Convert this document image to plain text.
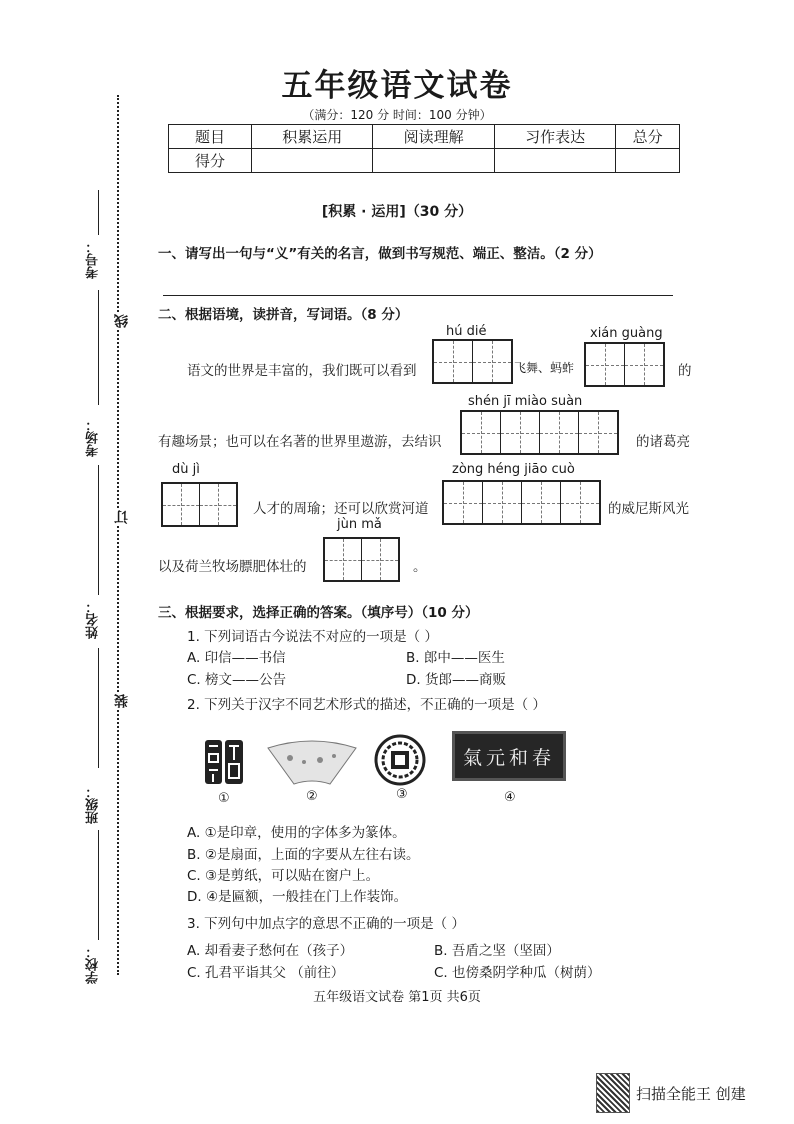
考号：
考场：
姓名：
班级：
学校：
线
订
装
五年级语文试卷
（满分：120 分 时间：100 分钟）
题目	积累运用	阅读理解	习作表达	总分
得分				
[积累 · 运用]（30 分）
一、请写出一句与“义”有关的名言，做到书写规范、端正、整洁。（2 分）
二、根据语境，读拼音，写词语。（8 分）
hú dié	xián guàng
语文的世界是丰富的，我们既可以看到	飞舞、蚂蚱	的
shén jī miào suàn
有趣场景；也可以在名著的世界里遨游，去结识	的诸葛亮
dù jì	zòng héng jiāo cuò
人才的周瑜；还可以欣赏河道	的威尼斯风光
jùn mǎ
以及荷兰牧场膘肥体壮的	。
三、根据要求，选择正确的答案。（填序号）（10 分）
1. 下列词语古今说法不对应的一项是（ ）
A. 印信——书信	B. 郎中——医生
C. 榜文——公告	D. 货郎——商贩
2. 下列关于汉字不同艺术形式的描述，不正确的一项是（ ）
氣元和春
①	②	③	④
A. ①是印章，使用的字体多为篆体。
B. ②是扇面，上面的字要从左往右读。
C. ③是剪纸，可以贴在窗户上。
D. ④是匾额，一般挂在门上作装饰。
3. 下列句中加点字的意思不正确的一项是（ ）
A. 却看妻子愁何在（孩子）	B. 吾盾之坚（坚固）
C. 孔君平诣其父 （前往）	C. 也傍桑阴学种瓜（树荫）
五年级语文试卷 第1页 共6页
扫描全能王 创建
